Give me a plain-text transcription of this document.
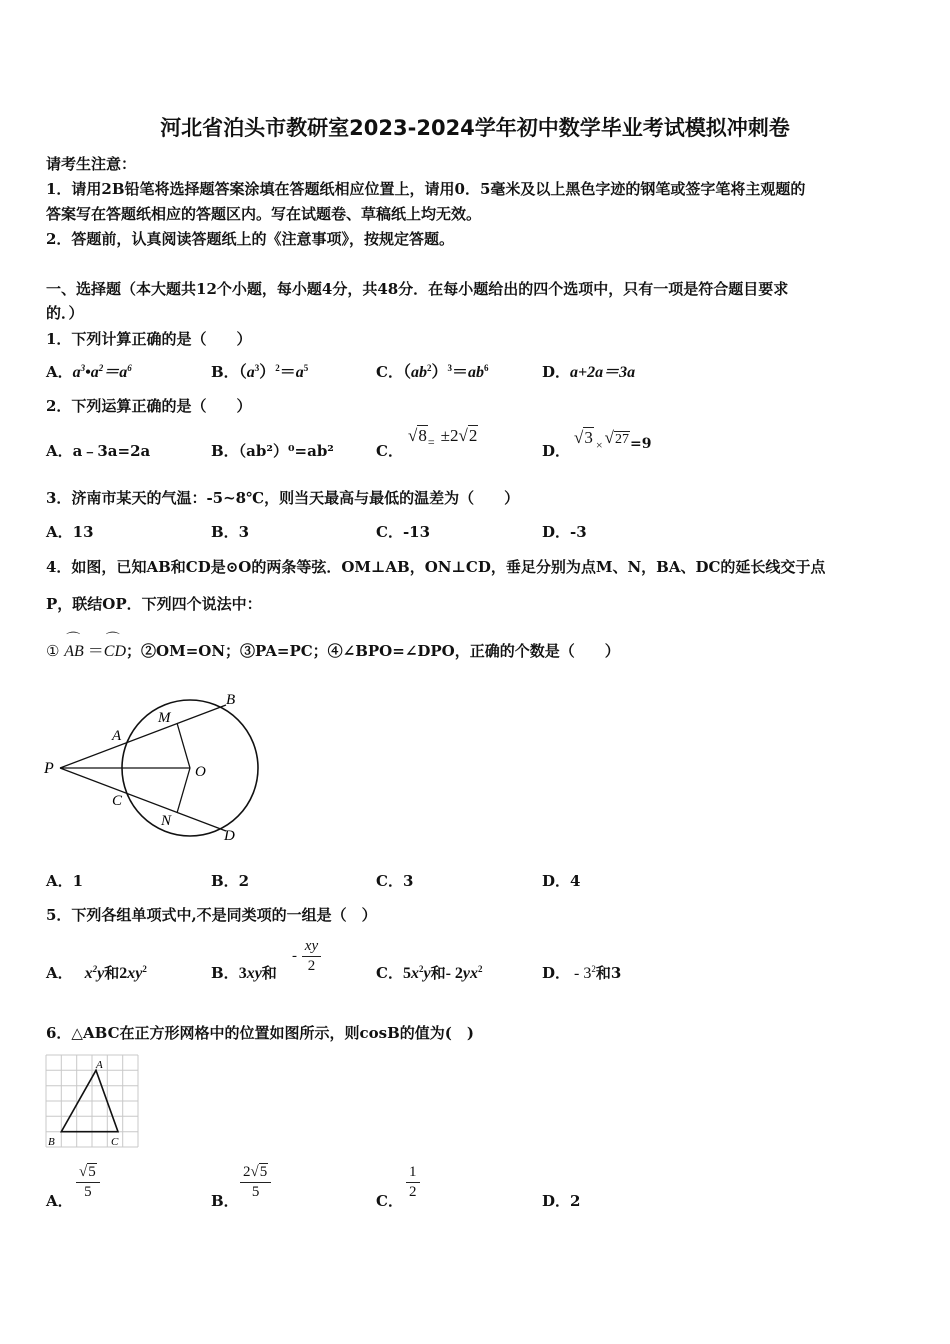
河北省泊头市教研室2023-2024学年初中数学毕业考试模拟冲刺卷
请考生注意：
1．请用2B铅笔将选择题答案涂填在答题纸相应位置上，请用0．5毫米及以上黑色字迹的钢笔或签字笔将主观题的
答案写在答题纸相应的答题区内。写在试题卷、草稿纸上均无效。
2．答题前，认真阅读答题纸上的《注意事项》，按规定答题。
一、选择题（本大题共12个小题，每小题4分，共48分．在每小题给出的四个选项中，只有一项是符合题目要求
的．）
1．下列计算正确的是（　　）
A．$a^3•a^2=a^6$	B．$(a^3)^2=a^5$	C．$(ab^2)^3=ab^6$	D．a+2a＝3a
2．下列运算正确的是（　　）
A．a﹣3a=2a	B．（ab²）⁰=ab²	C．
$√8_= \pm 2√2$
D．
√3 $_\times$ $√27_{=9}$
3．济南市某天的气温：-5~8℃，则当天最高与最低的温差为（　　）
A．13	B．3	C．-13	D．-3
4．如图，已知AB和CD是⊙O的两条等弦．OM⊥AB，ON⊥CD，垂足分别为点M、N，BA、DC的延长线交于点
P，联结OP．下列四个说法中：
① ⌒ AB ＝⌒ CD；②OM=ON；③PA=PC；④∠BPO=∠DPO，正确的个数是（　　）
P
A
B
M
O
C
N
D
A．1	B．2	C．3	D．4
5．下列各组单项式中,不是同类项的一组是（　）
A． $x^2y$和$2xy^2$	B．3xy和
- $\frac{xy}{2}$	C．$5x^2y$和- $2yx^2$	D． - $3^2$和3
6．△ABC在正方形网格中的位置如图所示，则cosB的值为(　)
A
B	C
A． $\frac{√5}{5}$	B． $\frac{2√5}{5}$	C． $\frac{1}{2}$	D．2
